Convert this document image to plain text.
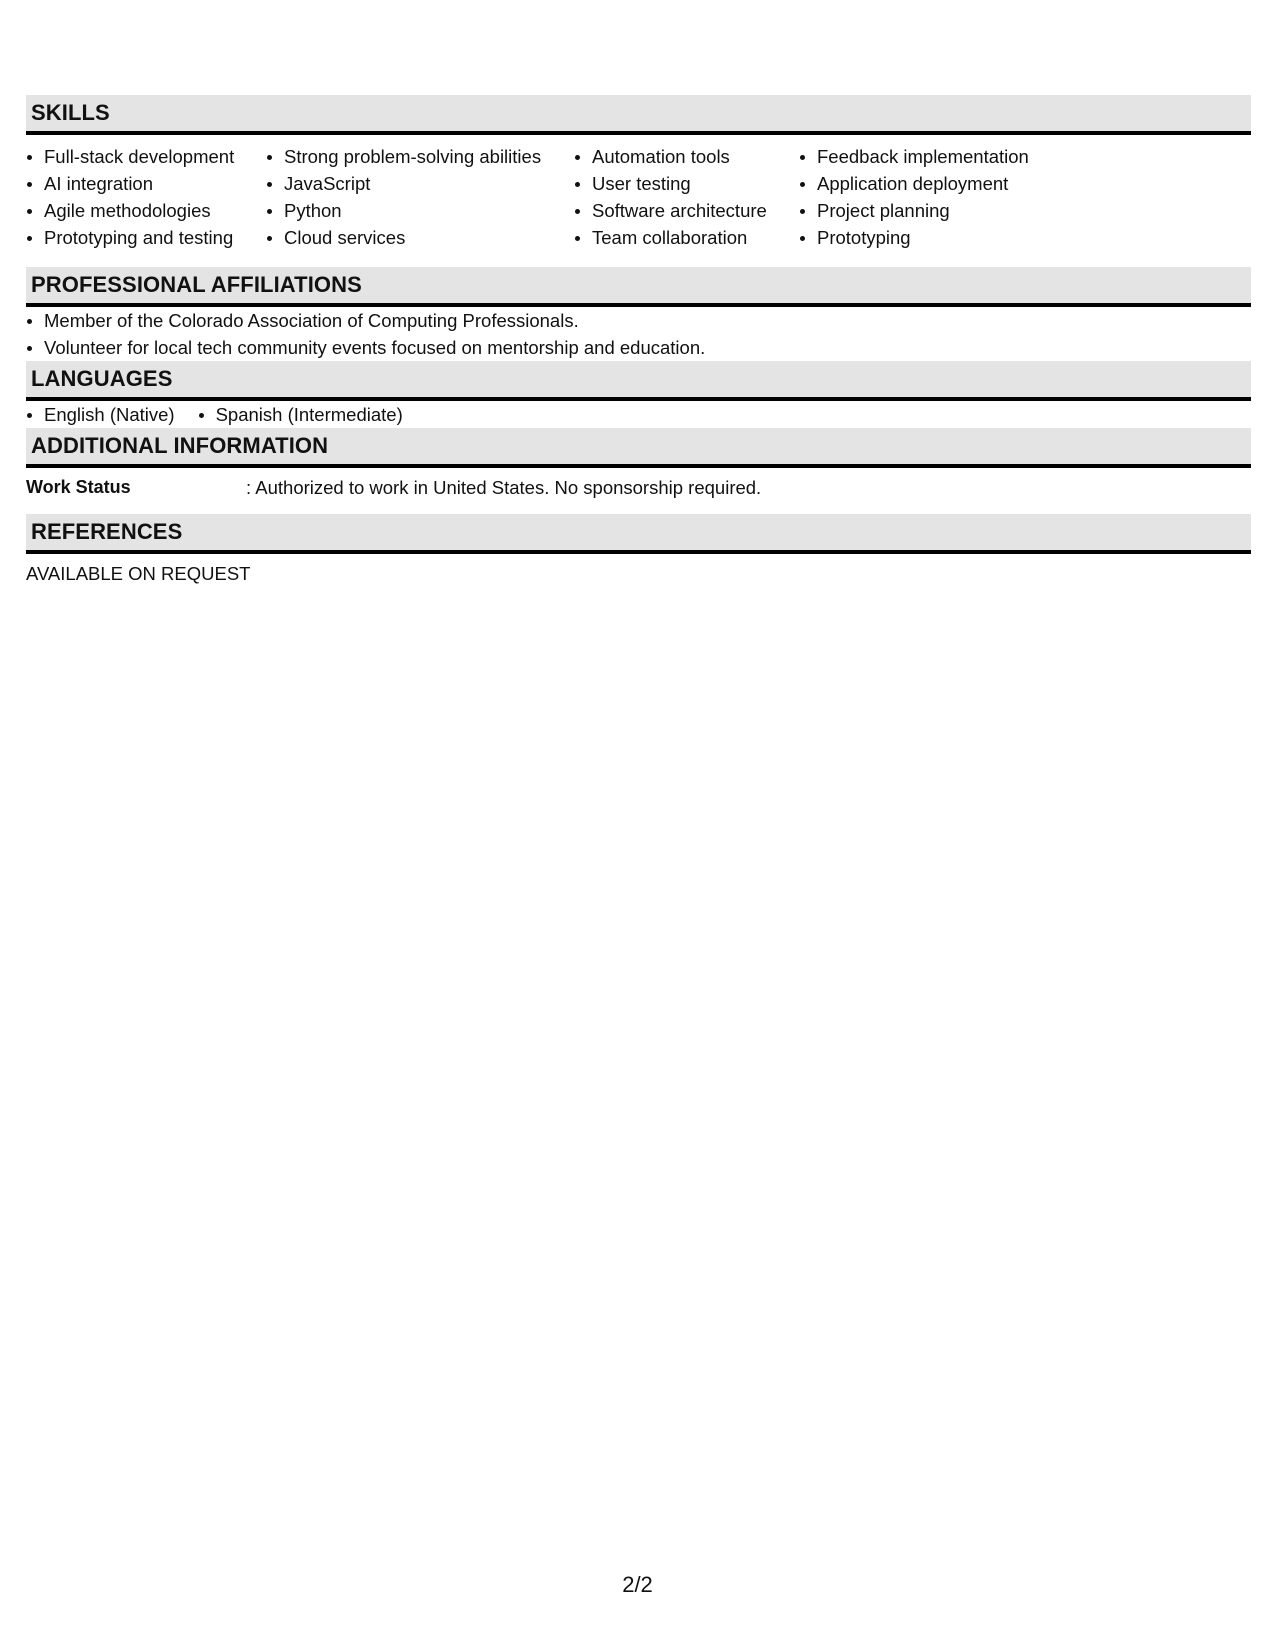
SKILLS
Full-stack development
AI integration
Agile methodologies
Prototyping and testing
Strong problem-solving abilities
JavaScript
Python
Cloud services
Automation tools
User testing
Software architecture
Team collaboration
Feedback implementation
Application deployment
Project planning
Prototyping
PROFESSIONAL AFFILIATIONS
Member of the Colorado Association of Computing Professionals.
Volunteer for local tech community events focused on mentorship and education.
LANGUAGES
English (Native)	Spanish (Intermediate)
ADDITIONAL INFORMATION
Work Status	: Authorized to work in United States. No sponsorship required.
REFERENCES
AVAILABLE ON REQUEST
2/2
